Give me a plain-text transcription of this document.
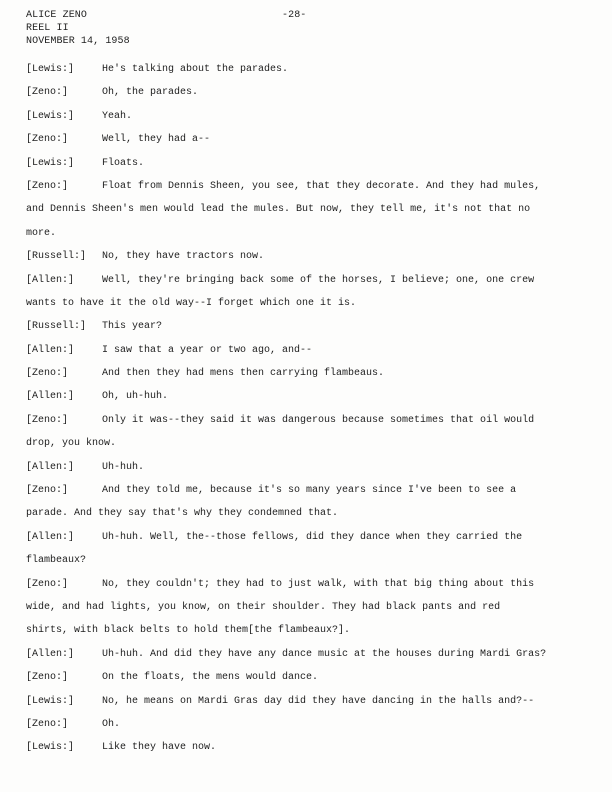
ALICE ZENO
REEL II
NOVEMBER 14, 1958
-28-
[Lewis:]	He's talking about the parades.
[Zeno:]	Oh, the parades.
[Lewis:]	Yeah.
[Zeno:]	Well, they had a--
[Lewis:]	Floats.
[Zeno:]	Float from Dennis Sheen, you see, that they decorate. And they had mules,
and Dennis Sheen's men would lead the mules. But now, they tell me, it's not that no
more.
[Russell:] No, they have tractors now.
[Allen:]	Well, they're bringing back some of the horses, I believe; one, one crew
wants to have it the old way--I forget which one it is.
[Russell:] This year?
[Allen:]	I saw that a year or two ago, and--
[Zeno:]	And then they had mens then carrying flambeaus.
[Allen:]	Oh, uh-huh.
[Zeno:]	Only it was--they said it was dangerous because sometimes that oil would
drop, you know.
[Allen:]	Uh-huh.
[Zeno:]	And they told me, because it's so many years since I've been to see a
parade. And they say that's why they condemned that.
[Allen:]	Uh-huh. Well, the--those fellows, did they dance when they carried the
flambeaux?
[Zeno:]	No, they couldn't; they had to just walk, with that big thing about this
wide, and had lights, you know, on their shoulder. They had black pants and red
shirts, with black belts to hold them[the flambeaux?].
[Allen:]	Uh-huh. And did they have any dance music at the houses during Mardi Gras?
[Zeno:]	On the floats, the mens would dance.
[Lewis:]	No, he means on Mardi Gras day did they have dancing in the halls and?--
[Zeno:]	Oh.
[Lewis:]	Like they have now.
